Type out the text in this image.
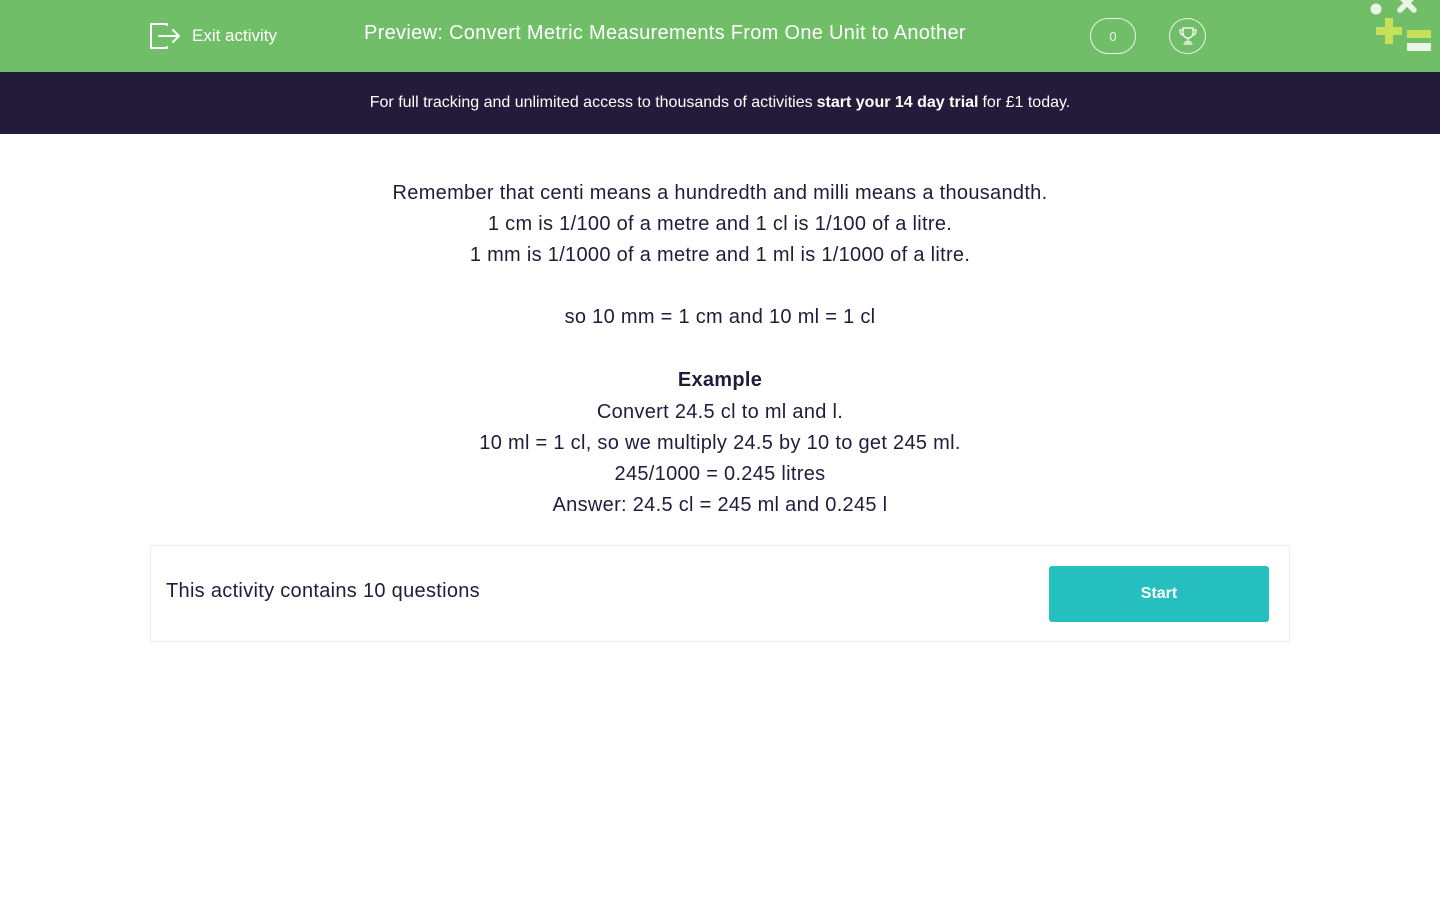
Exit activity	Preview: Convert Metric Measurements From One Unit to Another	0
For full tracking and unlimited access to thousands of activities start your 14 day trial for £1 today.
Remember that centi means a hundredth and milli means a thousandth.
1 cm is 1/100 of a metre and 1 cl is 1/100 of a litre.
1 mm is 1/1000 of a metre and 1 ml is 1/1000 of a litre.
so 10 mm = 1 cm and 10 ml = 1 cl
Example
Convert 24.5 cl to ml and l.
10 ml = 1 cl, so we multiply 24.5 by 10 to get 245 ml.
245/1000 = 0.245 litres
Answer: 24.5 cl = 245 ml and 0.245 l
This activity contains 10 questions	Start
